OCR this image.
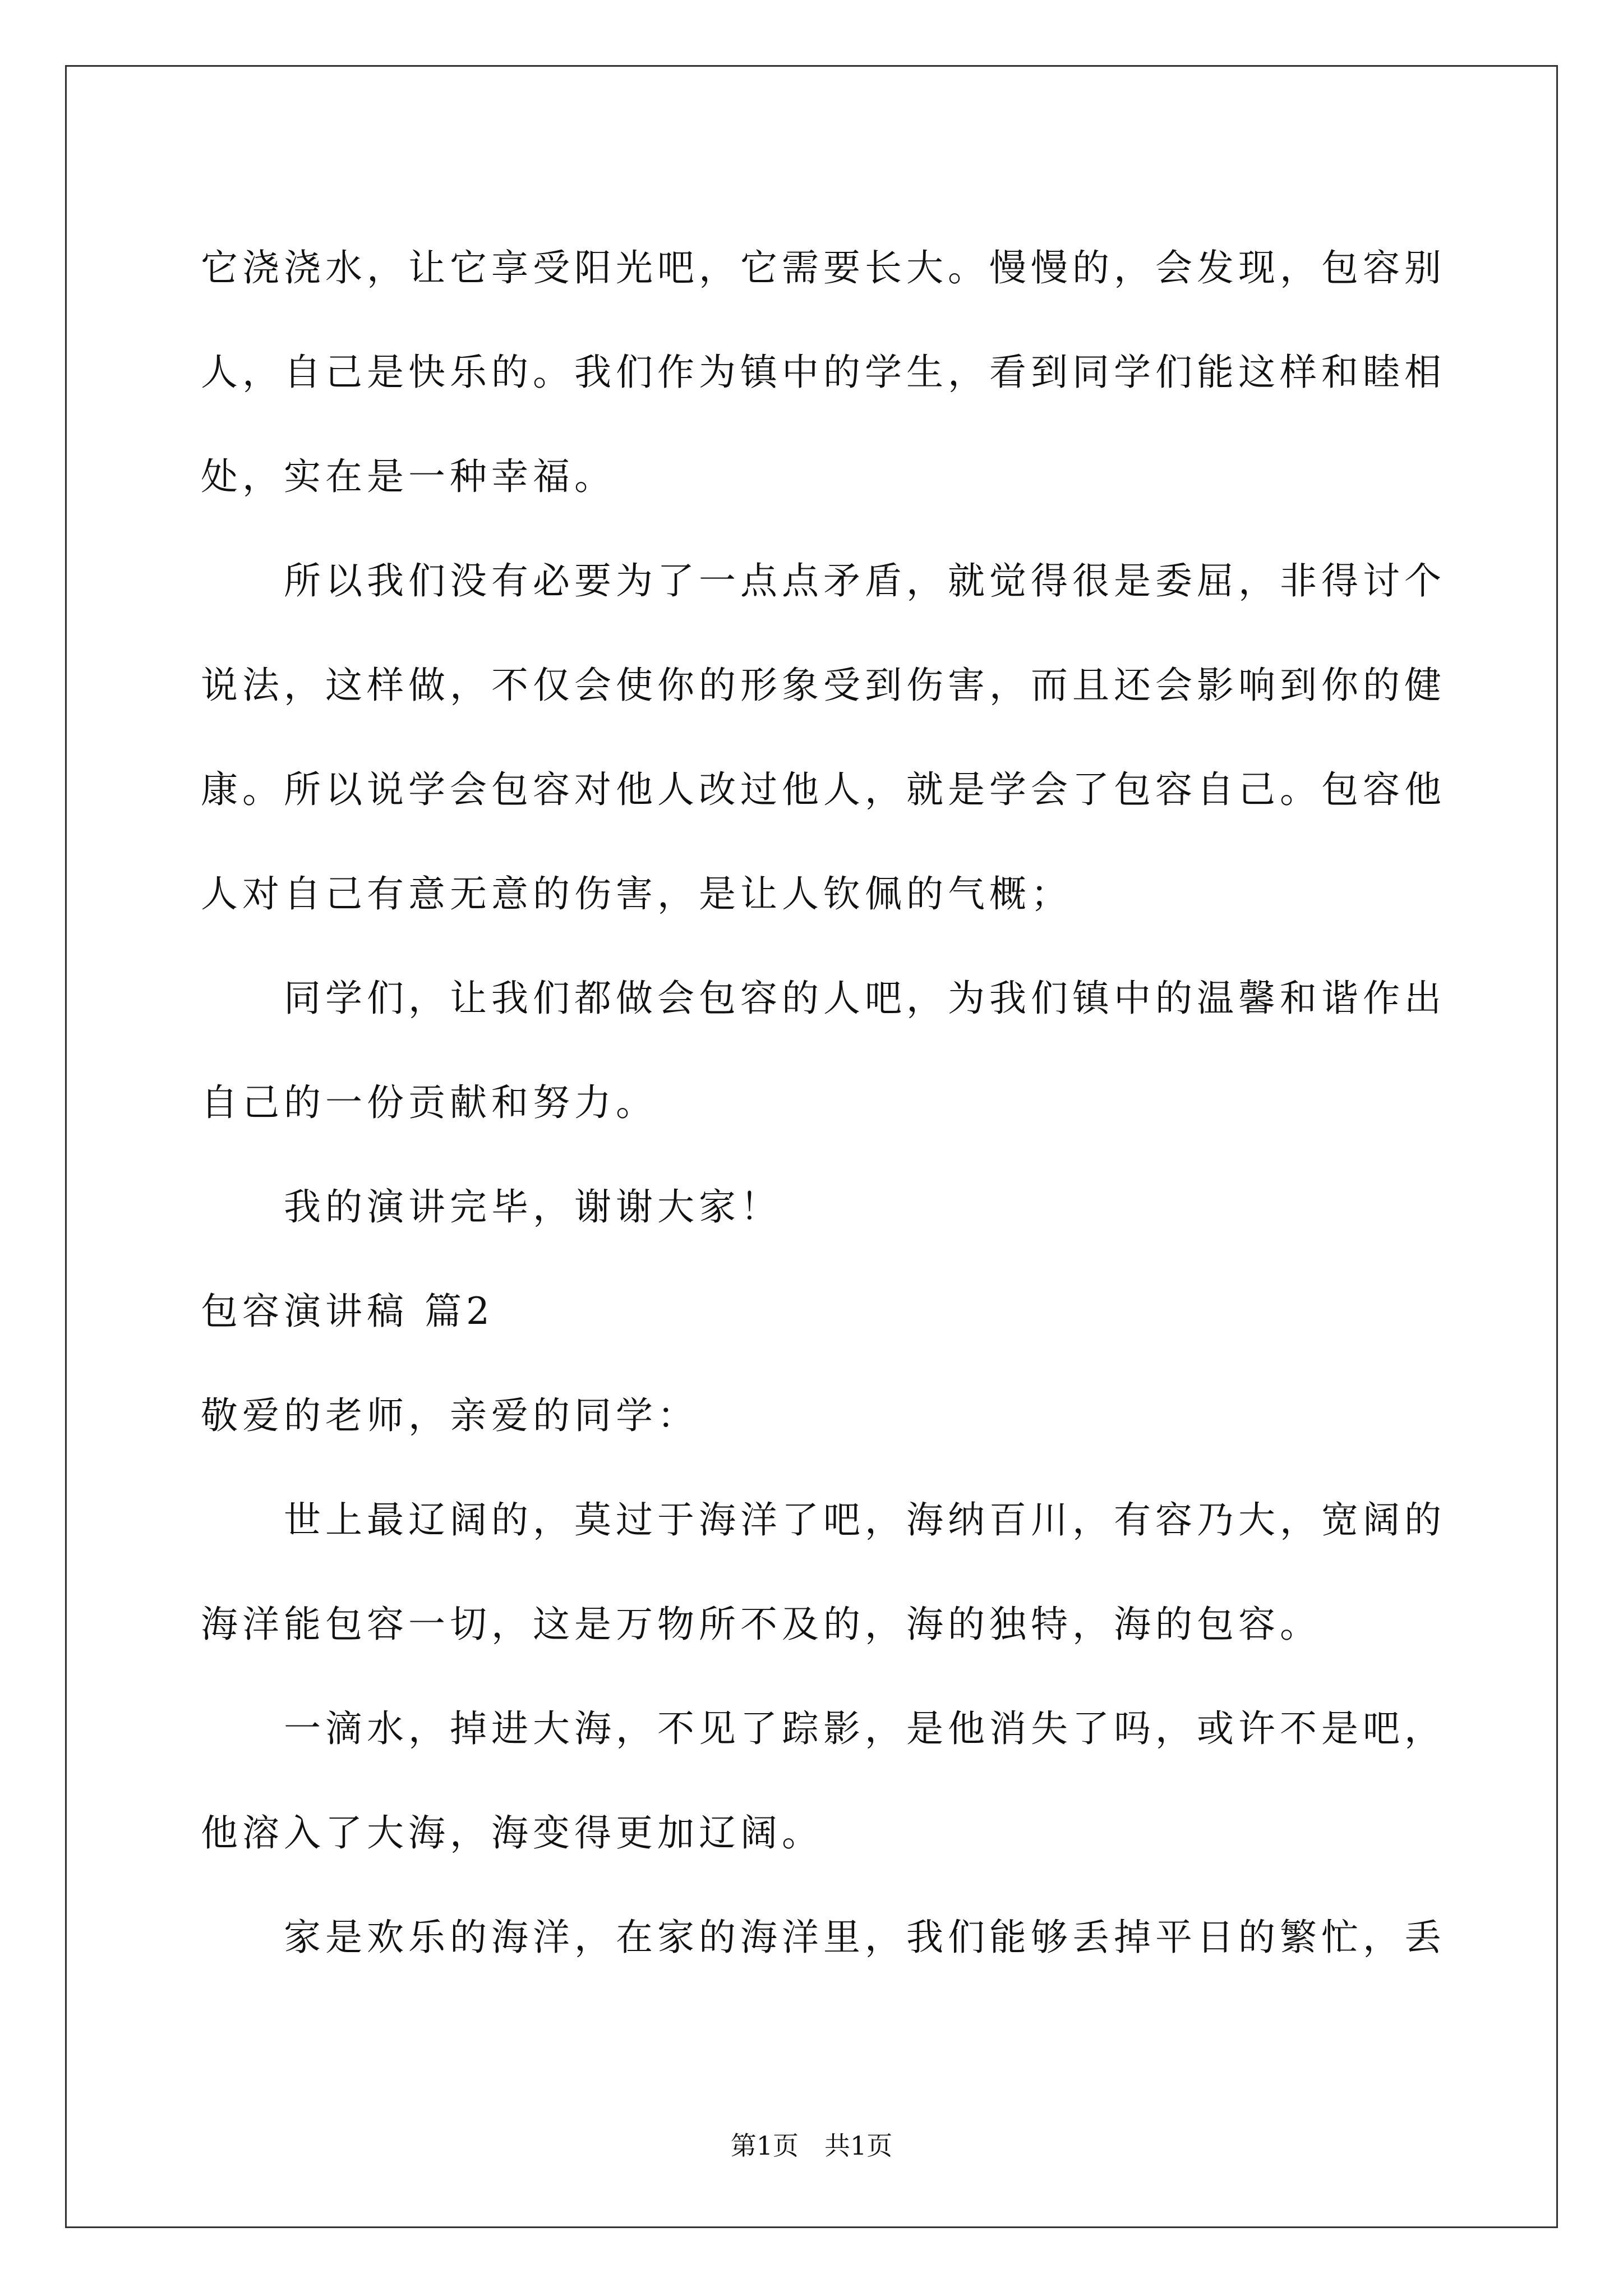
它浇浇水，让它享受阳光吧，它需要长大。慢慢的，会发现，包容别
人，自己是快乐的。我们作为镇中的学生，看到同学们能这样和睦相
处，实在是一种幸福。
所以我们没有必要为了一点点矛盾，就觉得很是委屈，非得讨个
说法，这样做，不仅会使你的形象受到伤害，而且还会影响到你的健
康。所以说学会包容对他人改过他人，就是学会了包容自己。包容他
人对自己有意无意的伤害，是让人钦佩的气概；
同学们，让我们都做会包容的人吧，为我们镇中的温馨和谐作出
自己的一份贡献和努力。
我的演讲完毕，谢谢大家！
包容演讲稿 篇2
敬爱的老师，亲爱的同学：
世上最辽阔的，莫过于海洋了吧，海纳百川，有容乃大，宽阔的
海洋能包容一切，这是万物所不及的，海的独特，海的包容。
一滴水，掉进大海，不见了踪影，是他消失了吗，或许不是吧，
他溶入了大海，海变得更加辽阔。
家是欢乐的海洋，在家的海洋里，我们能够丢掉平日的繁忙，丢
第1页　共1页
